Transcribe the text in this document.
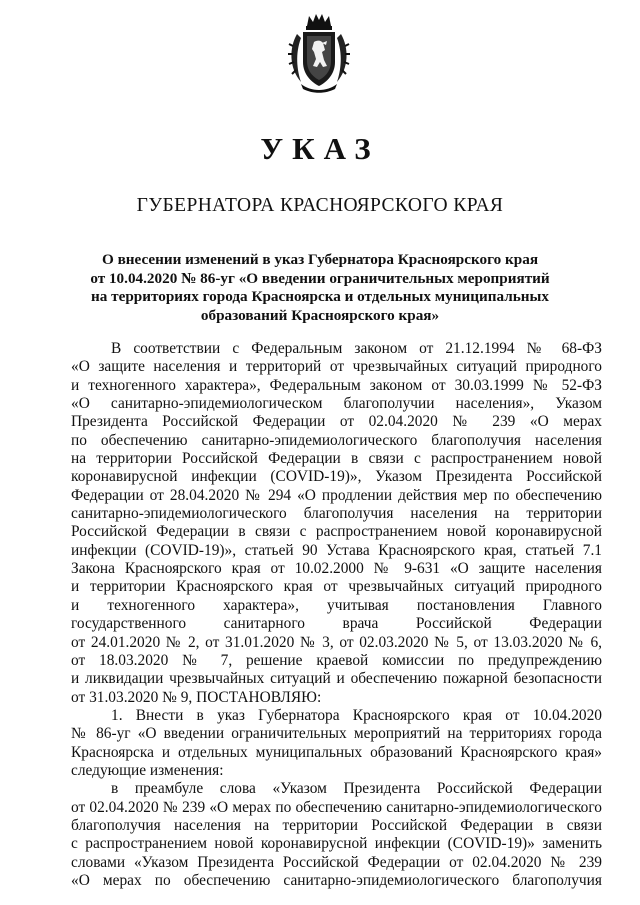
УКАЗ
ГУБЕРНАТОРА КРАСНОЯРСКОГО КРАЯ
О внесении изменений в указ Губернатора Красноярского края
от 10.04.2020 № 86-уг «О введении ограничительных мероприятий
на территориях города Красноярска и отдельных муниципальных
образований Красноярского края»
В соответствии с Федеральным законом от 21.12.1994 № 68-ФЗ
«О защите населения и территорий от чрезвычайных ситуаций природного
и техногенного характера», Федеральным законом от 30.03.1999 № 52-ФЗ
«О санитарно-эпидемиологическом благополучии населения», Указом
Президента Российской Федерации от 02.04.2020 № 239 «О мерах
по обеспечению санитарно-эпидемиологического благополучия населения
на территории Российской Федерации в связи с распространением новой
коронавирусной инфекции (COVID-19)», Указом Президента Российской
Федерации от 28.04.2020 № 294 «О продлении действия мер по обеспечению
санитарно-эпидемиологического благополучия населения на территории
Российской Федерации в связи с распространением новой коронавирусной
инфекции (COVID-19)», статьей 90 Устава Красноярского края, статьей 7.1
Закона Красноярского края от 10.02.2000 № 9-631 «О защите населения
и территории Красноярского края от чрезвычайных ситуаций природного
и техногенного характера», учитывая постановления Главного
государственного санитарного врача Российской Федерации
от 24.01.2020 № 2, от 31.01.2020 № 3, от 02.03.2020 № 5, от 13.03.2020 № 6,
от 18.03.2020 № 7, решение краевой комиссии по предупреждению
и ликвидации чрезвычайных ситуаций и обеспечению пожарной безопасности
от 31.03.2020 № 9, ПОСТАНОВЛЯЮ:
1. Внести в указ Губернатора Красноярского края от 10.04.2020
№ 86-уг «О введении ограничительных мероприятий на территориях города
Красноярска и отдельных муниципальных образований Красноярского края»
следующие изменения:
в преамбуле слова «Указом Президента Российской Федерации
от 02.04.2020 № 239 «О мерах по обеспечению санитарно-эпидемиологического
благополучия населения на территории Российской Федерации в связи
с распространением новой коронавирусной инфекции (COVID-19)» заменить
словами «Указом Президента Российской Федерации от 02.04.2020 № 239
«О мерах по обеспечению санитарно-эпидемиологического благополучия
